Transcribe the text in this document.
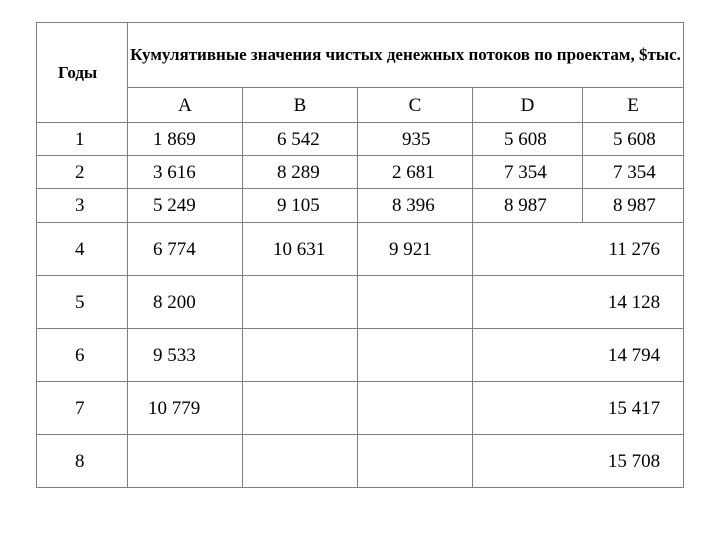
Годы	Кумулятивные значения чистых денежных потоков по проектам, $тыс.				
	A	B	C	D	E
1	1 869	6 542	935	5 608	5 608
2	3 616	8 289	2 681	7 354	7 354
3	5 249	9 105	8 396	8 987	8 987
4	6 774	10 631	9 921		11 276
5	8 200				14 128
6	9 533				14 794
7	10 779				15 417
8					15 708
